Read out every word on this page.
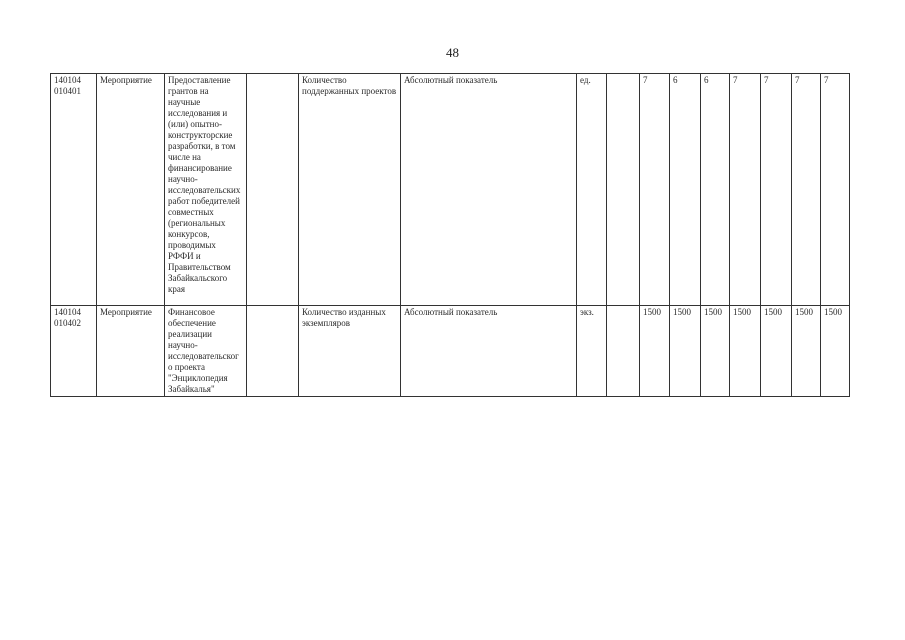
48
140104 010401	Мероприятие	Предоставление грантов на научные исследования и (или) опытно-конструкторские разработки, в том числе на финансирование научно-исследовательских работ победителей совместных (региональных конкурсов, проводимых РФФИ и Правительством Забайкальского края		Количество поддержанных проектов	Абсолютный показатель	ед.		7	6	6	7	7	7	7
140104 010402	Мероприятие	Финансовое обеспечение реализации научно-исследовательского проекта "Энциклопедия Забайкалья"		Количество изданных экземпляров	Абсолютный показатель	экз.		1500	1500	1500	1500	1500	1500	1500
